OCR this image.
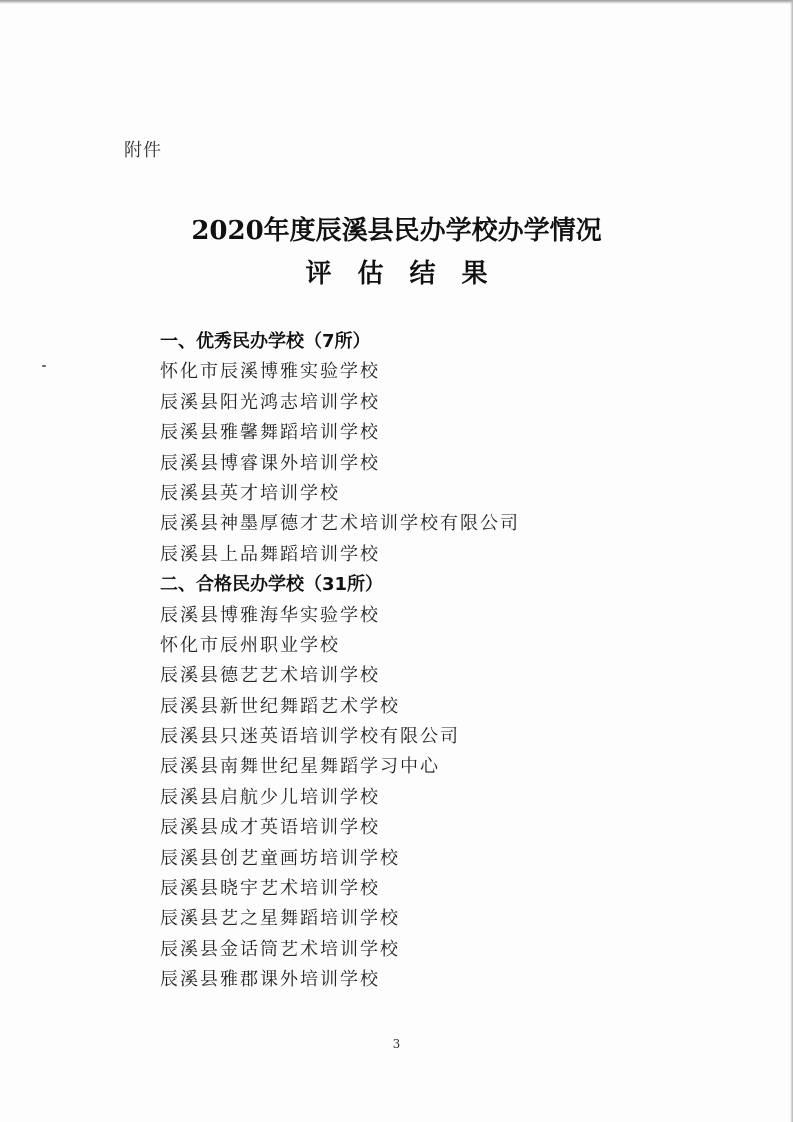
附件
2020年度辰溪县民办学校办学情况
评估结果
一、优秀民办学校（7所）
怀化市辰溪博雅实验学校
辰溪县阳光鸿志培训学校
辰溪县雅馨舞蹈培训学校
辰溪县博睿课外培训学校
辰溪县英才培训学校
辰溪县神墨厚德才艺术培训学校有限公司
辰溪县上品舞蹈培训学校
二、合格民办学校（31所）
辰溪县博雅海华实验学校
怀化市辰州职业学校
辰溪县德艺艺术培训学校
辰溪县新世纪舞蹈艺术学校
辰溪县只迷英语培训学校有限公司
辰溪县南舞世纪星舞蹈学习中心
辰溪县启航少儿培训学校
辰溪县成才英语培训学校
辰溪县创艺童画坊培训学校
辰溪县晓宇艺术培训学校
辰溪县艺之星舞蹈培训学校
辰溪县金话筒艺术培训学校
辰溪县雅郡课外培训学校
3
